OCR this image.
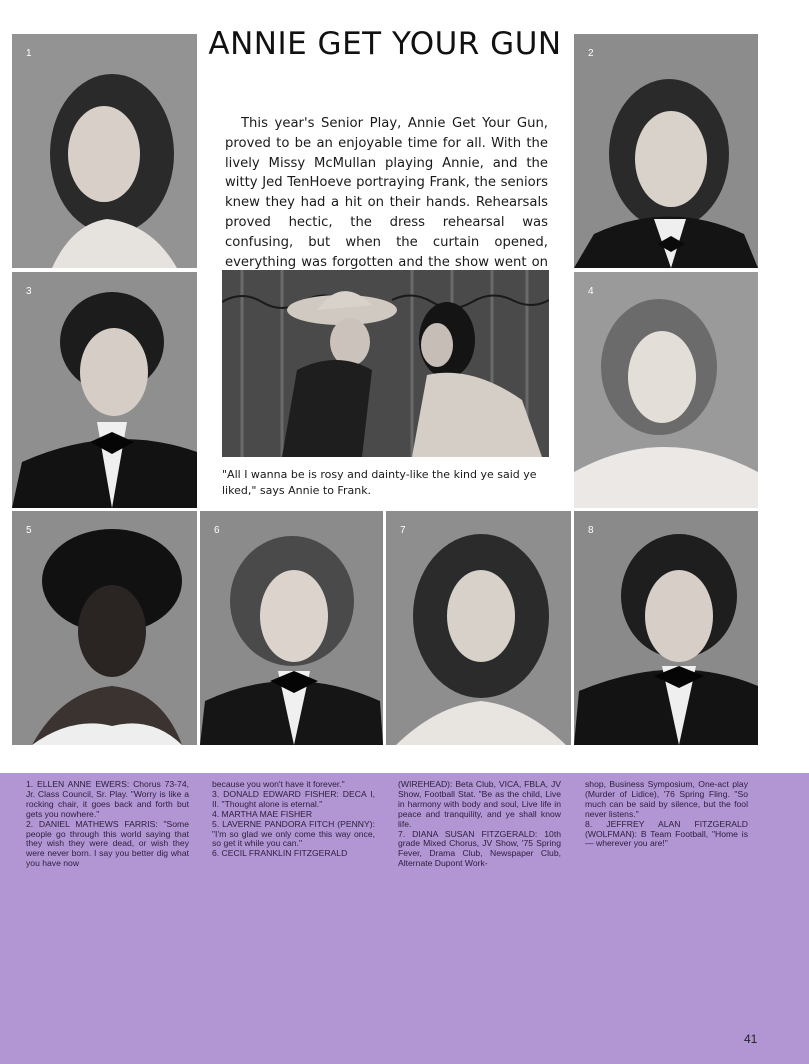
1	2
3	4
5	6	7	8
ANNIE GET YOUR GUN
This year's Senior Play, Annie Get Your Gun, proved to be an enjoyable time for all. With the lively Missy McMullan playing Annie, and the witty Jed TenHoeve portraying Frank, the seniors knew they had a hit on their hands. Rehearsals proved hectic, the dress rehearsal was confusing, but when the curtain opened, everything was forgotten and the show went on
"All I wanna be is rosy and dainty-like the kind ye said ye liked," says Annie to Frank.

1. ELLEN ANNE EWERS: Chorus 73-74, Jr. Class Council, Sr. Play. "Worry is like a rocking chair, it goes back and forth but gets you nowhere."

2. DANIEL MATHEWS FARRIS: "Some people go through this world saying that they wish they were dead, or wish they were never born. I say you better dig what you have now

because you won't have it forever."

3. DONALD EDWARD FISHER: DECA I, II. "Thought alone is eternal."

4. MARTHA MAE FISHER

5. LAVERNE PANDORA FITCH (PENNY): "I'm so glad we only come this way once, so get it while you can."

6. CECIL FRANKLIN FITZGERALD

(WIREHEAD): Beta Club, VICA, FBLA, JV Show, Football Stat. "Be as the child, Live in harmony with body and soul, Live life in peace and tranquility, and ye shall know life.

7. DIANA SUSAN FITZGERALD: 10th grade Mixed Chorus, JV Show, '75 Spring Fever, Drama Club, Newspaper Club, Alternate Dupont Work-

shop, Business Symposium, One-act play (Murder of Lidice), '76 Spring Fling. "So much can be said by silence, but the fool never listens."

8. JEFFREY ALAN FITZGERALD (WOLFMAN): B Team Football, "Home is — wherever you are!"

41
